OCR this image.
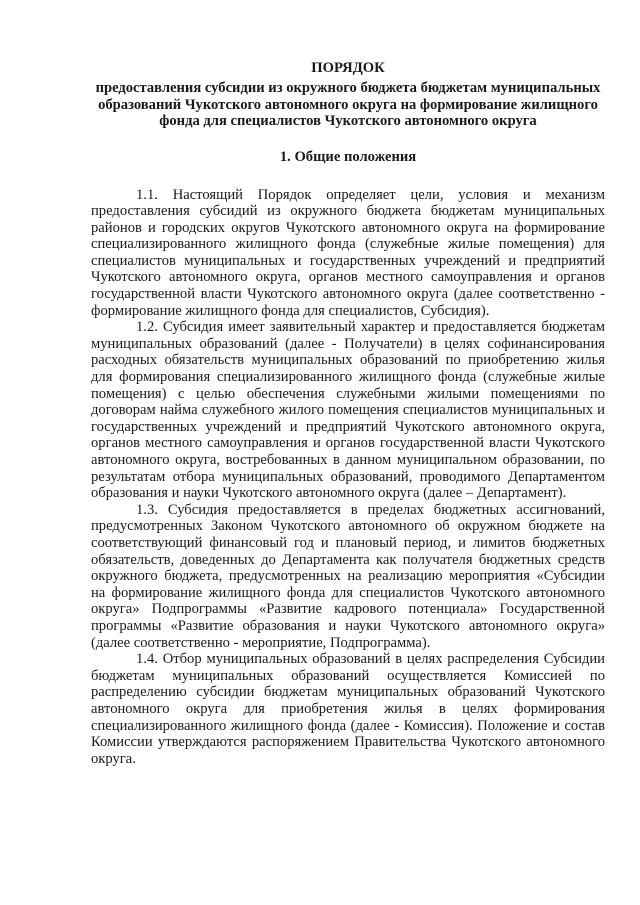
ПОРЯДОК

предоставления субсидии из окружного бюджета бюджетам муниципальных образований Чукотского автономного округа на формирование жилищного фонда для специалистов Чукотского автономного округа

1. Общие положения

1.1. Настоящий Порядок определяет цели, условия и механизм предоставления субсидий из окружного бюджета бюджетам муниципальных районов и городских округов Чукотского автономного округа на формирование специализированного жилищного фонда (служебные жилые помещения) для специалистов муниципальных и государственных учреждений и предприятий Чукотского автономного округа, органов местного самоуправления и органов государственной власти Чукотского автономного округа (далее соответственно - формирование жилищного фонда для специалистов, Субсидия).

1.2. Субсидия имеет заявительный характер и предоставляется бюджетам муниципальных образований (далее - Получатели) в целях софинансирования расходных обязательств муниципальных образований по приобретению жилья для формирования специализированного жилищного фонда (служебные жилые помещения) с целью обеспечения служебными жилыми помещениями по договорам найма служебного жилого помещения специалистов муниципальных и государственных учреждений и предприятий Чукотского автономного округа, органов местного самоуправления и органов государственной власти Чукотского автономного округа, востребованных в данном муниципальном образовании, по результатам отбора муниципальных образований, проводимого Департаментом образования и науки Чукотского автономного округа (далее – Департамент).

1.3. Субсидия предоставляется в пределах бюджетных ассигнований, предусмотренных Законом Чукотского автономного об окружном бюджете на соответствующий финансовый год и плановый период, и лимитов бюджетных обязательств, доведенных до Департамента как получателя бюджетных средств окружного бюджета, предусмотренных на реализацию мероприятия «Субсидии на формирование жилищного фонда для специалистов Чукотского автономного округа» Подпрограммы «Развитие кадрового потенциала» Государственной программы «Развитие образования и науки Чукотского автономного округа» (далее соответственно - мероприятие, Подпрограмма).

1.4. Отбор муниципальных образований в целях распределения Субсидии бюджетам муниципальных образований осуществляется Комиссией по распределению субсидии бюджетам муниципальных образований Чукотского автономного округа для приобретения жилья в целях формирования специализированного жилищного фонда (далее - Комиссия). Положение и состав Комиссии утверждаются распоряжением Правительства Чукотского автономного округа.
